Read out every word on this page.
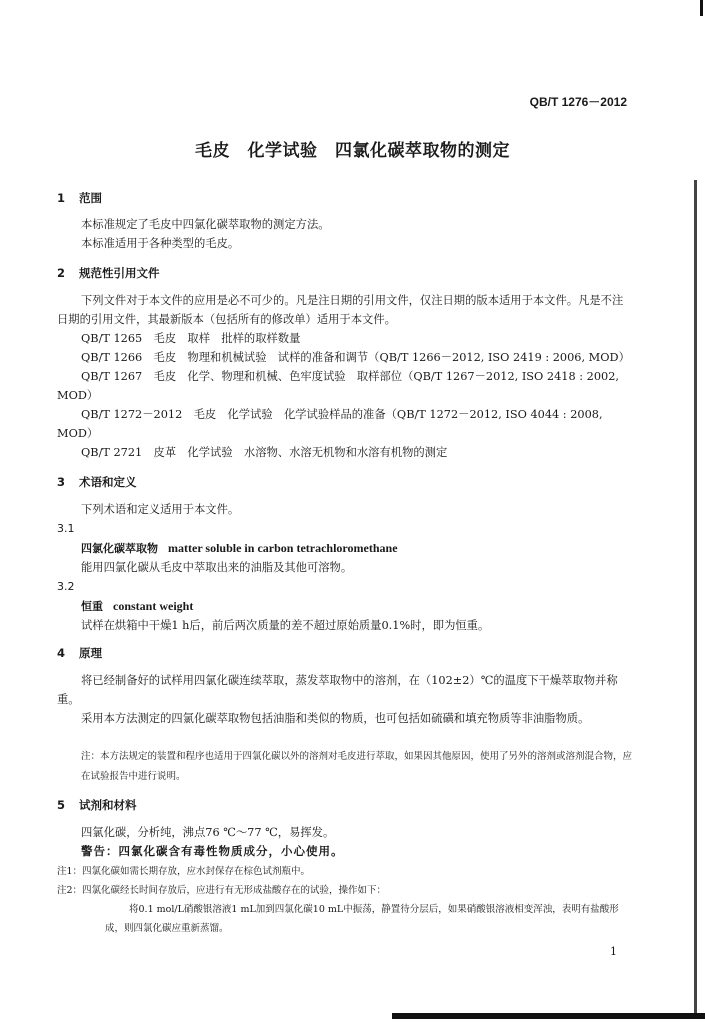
QB/T 1276－2012
毛皮　化学试验　四氯化碳萃取物的测定
1 范围
本标准规定了毛皮中四氯化碳萃取物的测定方法。
本标准适用于各种类型的毛皮。
2 规范性引用文件
下列文件对于本文件的应用是必不可少的。凡是注日期的引用文件，仅注日期的版本适用于本文件。凡是不注日期的引用文件，其最新版本（包括所有的修改单）适用于本文件。
QB/T 1265　毛皮　取样　批样的取样数量
QB/T 1266　毛皮　物理和机械试验　试样的准备和调节（QB/T 1266－2012, ISO 2419 : 2006, MOD）
QB/T 1267　毛皮　化学、物理和机械、色牢度试验　取样部位（QB/T 1267－2012, ISO 2418 : 2002, MOD）
QB/T 1272－2012　毛皮　化学试验　化学试验样品的准备（QB/T 1272－2012, ISO 4044 : 2008, MOD）
QB/T 2721　皮革　化学试验　水溶物、水溶无机物和水溶有机物的测定
3 术语和定义
下列术语和定义适用于本文件。
3.1
四氯化碳萃取物 matter soluble in carbon tetrachloromethane
能用四氯化碳从毛皮中萃取出来的油脂及其他可溶物。
3.2
恒重 constant weight
试样在烘箱中干燥1 h后，前后两次质量的差不超过原始质量0.1%时，即为恒重。
4 原理
将已经制备好的试样用四氯化碳连续萃取，蒸发萃取物中的溶剂，在（102±2）℃的温度下干燥萃取物并称重。
采用本方法测定的四氯化碳萃取物包括油脂和类似的物质，也可包括如硫磺和填充物质等非油脂物质。
注：本方法规定的装置和程序也适用于四氯化碳以外的溶剂对毛皮进行萃取，如果因其他原因，使用了另外的溶剂或溶剂混合物，应在试验报告中进行说明。
5 试剂和材料
四氯化碳，分析纯，沸点76 ℃～77 ℃，易挥发。
警告：四氯化碳含有毒性物质成分，小心使用。
注1：四氯化碳如需长期存放，应水封保存在棕色试剂瓶中。
注2：四氯化碳经长时间存放后，应进行有无形成盐酸存在的试验，操作如下：
将0.1 mol/L硝酸银溶液1 mL加到四氯化碳10 mL中振荡，静置待分层后，如果硝酸银溶液相变浑浊，表明有盐酸形成，则四氯化碳应重新蒸馏。
1
